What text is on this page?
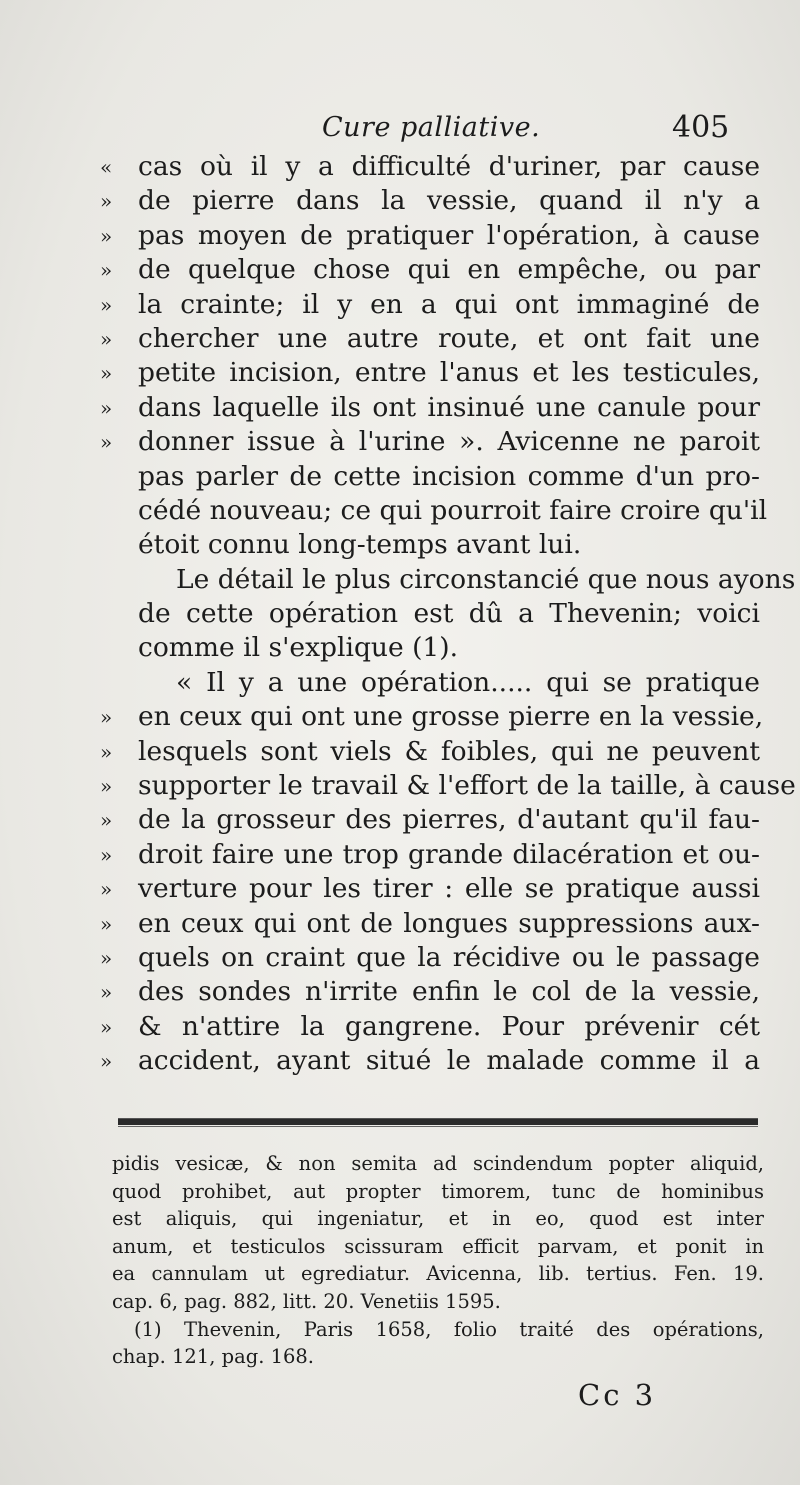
Cure palliative.	405
« cas où il y a difficulté d'uriner, par cause
» de pierre dans la vessie, quand il n'y a
» pas moyen de pratiquer l'opération, à cause
» de quelque chose qui en empêche, ou par
» la crainte; il y en a qui ont immaginé de
» chercher une autre route, et ont fait une
» petite incision, entre l'anus et les testicules,
» dans laquelle ils ont insinué une canule pour
» donner issue à l'urine ». Avicenne ne paroit
pas parler de cette incision comme d'un pro-
cédé nouveau; ce qui pourroit faire croire qu'il
étoit connu long-temps avant lui.
Le détail le plus circonstancié que nous ayons
de cette opération est dû a Thevenin; voici
comme il s'explique (1).
« Il y a une opération..... qui se pratique
» en ceux qui ont une grosse pierre en la vessie,
» lesquels sont viels & foibles, qui ne peuvent
» supporter le travail & l'effort de la taille, à cause
» de la grosseur des pierres, d'autant qu'il fau-
» droit faire une trop grande dilacération et ou-
» verture pour les tirer : elle se pratique aussi
» en ceux qui ont de longues suppressions aux-
» quels on craint que la récidive ou le passage
» des sondes n'irrite enfin le col de la vessie,
» & n'attire la gangrene. Pour prévenir cét
» accident, ayant situé le malade comme il a
pidis vesicæ, & non semita ad scindendum popter aliquid,
quod prohibet, aut propter timorem, tunc de hominibus
est aliquis, qui ingeniatur, et in eo, quod est inter
anum, et testiculos scissuram efficit parvam, et ponit in
ea cannulam ut egrediatur. Avicenna, lib. tertius. Fen. 19.
cap. 6, pag. 882, litt. 20. Venetiis 1595.
(1) Thevenin, Paris 1658, folio traité des opérations,
chap. 121, pag. 168.
Cc 3
